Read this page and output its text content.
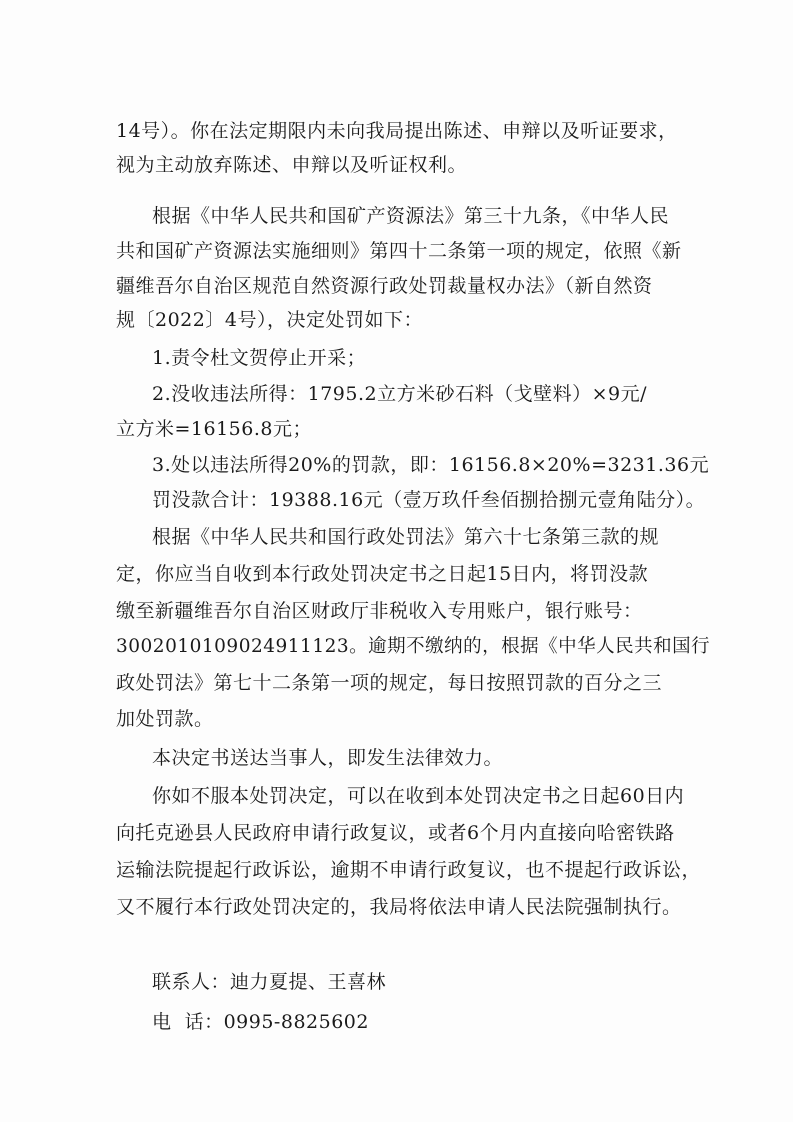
14号）。你在法定期限内未向我局提出陈述、申辩以及听证要求，
视为主动放弃陈述、申辩以及听证权利。
根据《中华人民共和国矿产资源法》第三十九条，《中华人民
共和国矿产资源法实施细则》第四十二条第一项的规定，依照《新
疆维吾尔自治区规范自然资源行政处罚裁量权办法》（新自然资
规〔2022〕4号），决定处罚如下：
1.责令杜文贺停止开采；
2.没收违法所得：1795.2立方米砂石料（戈壁料）×9元/
立方米=16156.8元；
3.处以违法所得20%的罚款，即：16156.8×20%=3231.36元
罚没款合计：19388.16元（壹万玖仟叁佰捌拾捌元壹角陆分）。
根据《中华人民共和国行政处罚法》第六十七条第三款的规
定，你应当自收到本行政处罚决定书之日起15日内，将罚没款
缴至新疆维吾尔自治区财政厅非税收入专用账户，银行账号：
3002010109024911123。逾期不缴纳的，根据《中华人民共和国行
政处罚法》第七十二条第一项的规定，每日按照罚款的百分之三
加处罚款。
本决定书送达当事人，即发生法律效力。
你如不服本处罚决定，可以在收到本处罚决定书之日起60日内
向托克逊县人民政府申请行政复议，或者6个月内直接向哈密铁路
运输法院提起行政诉讼，逾期不申请行政复议，也不提起行政诉讼，
又不履行本行政处罚决定的，我局将依法申请人民法院强制执行。
联系人：迪力夏提、王喜林
电  话：0995-8825602
